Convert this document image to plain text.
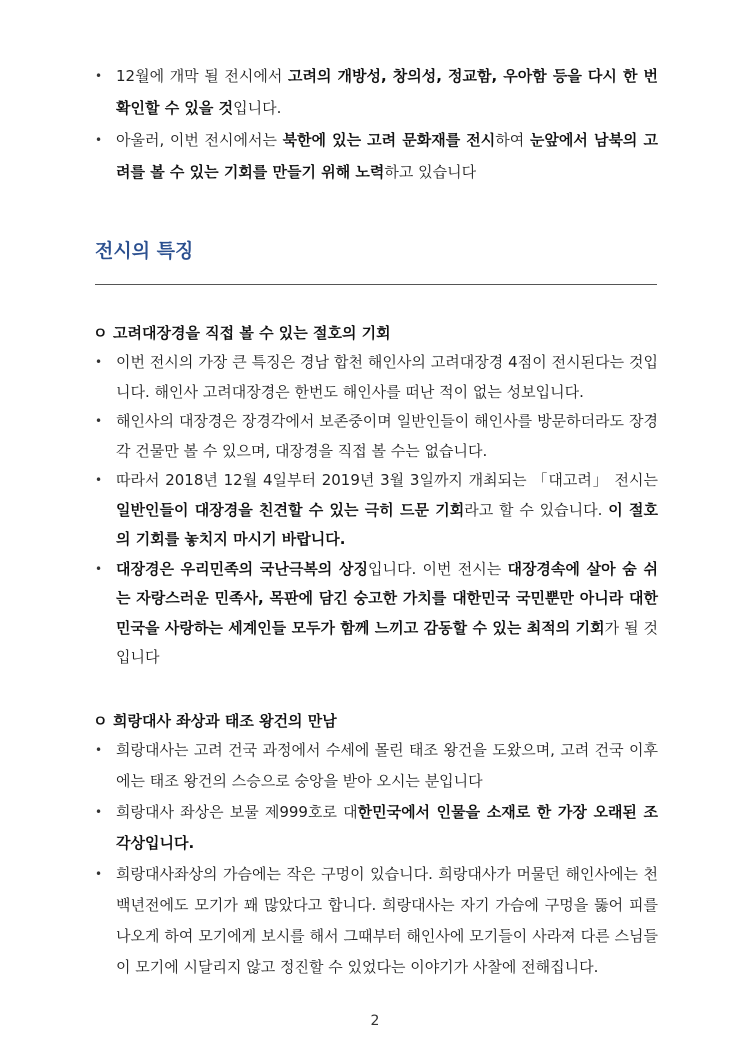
• 12월에 개막 될 전시에서 고려의 개방성, 창의성, 정교함, 우아함 등을 다시 한 번 확인할 수 있을 것입니다.
• 아울러, 이번 전시에서는 북한에 있는 고려 문화재를 전시하여 눈앞에서 남북의 고려를 볼 수 있는 기회를 만들기 위해 노력하고 있습니다
전시의 특징
ㅇ 고려대장경을 직접 볼 수 있는 절호의 기회
• 이번 전시의 가장 큰 특징은 경남 합천 해인사의 고려대장경 4점이 전시된다는 것입니다. 해인사 고려대장경은 한번도 해인사를 떠난 적이 없는 성보입니다.
• 해인사의 대장경은 장경각에서 보존중이며 일반인들이 해인사를 방문하더라도 장경각 건물만 볼 수 있으며, 대장경을 직접 볼 수는 없습니다.
• 따라서 2018년 12월 4일부터 2019년 3월 3일까지 개최되는 「대고려」 전시는 일반인들이 대장경을 친견할 수 있는 극히 드문 기회라고 할 수 있습니다. 이 절호의 기회를 놓치지 마시기 바랍니다.
• 대장경은 우리민족의 국난극복의 상징입니다. 이번 전시는 대장경속에 살아 숨 쉬는 자랑스러운 민족사, 목판에 담긴 숭고한 가치를 대한민국 국민뿐만 아니라 대한민국을 사랑하는 세계인들 모두가 함께 느끼고 감동할 수 있는 최적의 기회가 될 것입니다
ㅇ 희랑대사 좌상과 태조 왕건의 만남
• 희랑대사는 고려 건국 과정에서 수세에 몰린 태조 왕건을 도왔으며, 고려 건국 이후에는 태조 왕건의 스승으로 숭앙을 받아 오시는 분입니다
• 희랑대사 좌상은 보물 제999호로 대한민국에서 인물을 소재로 한 가장 오래된 조각상입니다.
• 희랑대사좌상의 가슴에는 작은 구멍이 있습니다. 희랑대사가 머물던 해인사에는 천백년전에도 모기가 꽤 많았다고 합니다. 희랑대사는 자기 가슴에 구멍을 뚫어 피를 나오게 하여 모기에게 보시를 해서 그때부터 해인사에 모기들이 사라져 다른 스님들이 모기에 시달리지 않고 정진할 수 있었다는 이야기가 사찰에 전해집니다.
2
